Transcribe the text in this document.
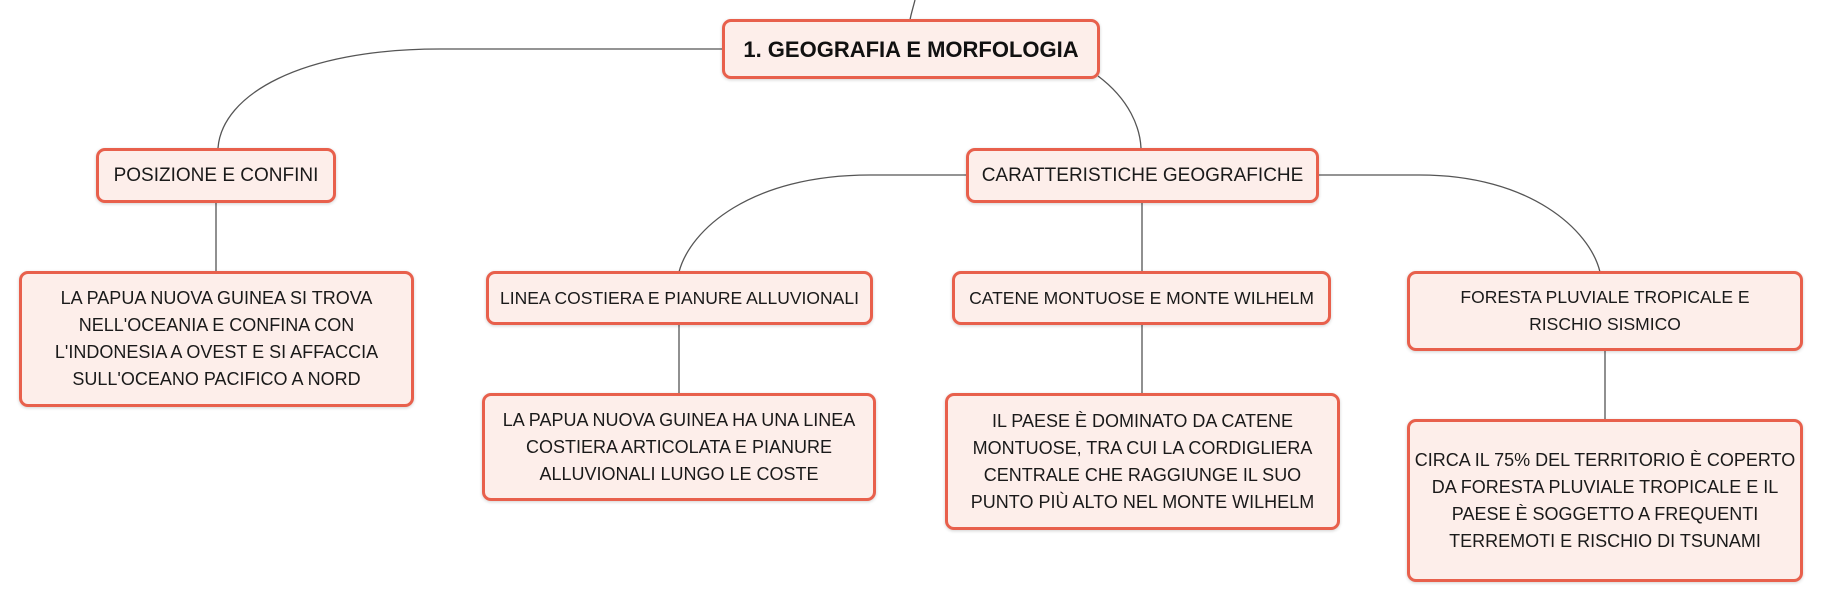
1. GEOGRAFIA E MORFOLOGIA
POSIZIONE E CONFINI
LA PAPUA NUOVA GUINEA SI TROVA NELL'OCEANIA E CONFINA CON L'INDONESIA A OVEST E SI AFFACCIA SULL'OCEANO PACIFICO A NORD
CARATTERISTICHE GEOGRAFICHE
LINEA COSTIERA E PIANURE ALLUVIONALI
LA PAPUA NUOVA GUINEA HA UNA LINEA COSTIERA ARTICOLATA E PIANURE ALLUVIONALI LUNGO LE COSTE
CATENE MONTUOSE E MONTE WILHELM
IL PAESE È DOMINATO DA CATENE MONTUOSE, TRA CUI LA CORDIGLIERA CENTRALE CHE RAGGIUNGE IL SUO PUNTO PIÙ ALTO NEL MONTE WILHELM
FORESTA PLUVIALE TROPICALE E RISCHIO SISMICO
CIRCA IL 75% DEL TERRITORIO È COPERTO DA FORESTA PLUVIALE TROPICALE E IL PAESE È SOGGETTO A FREQUENTI TERREMOTI E RISCHIO DI TSUNAMI
